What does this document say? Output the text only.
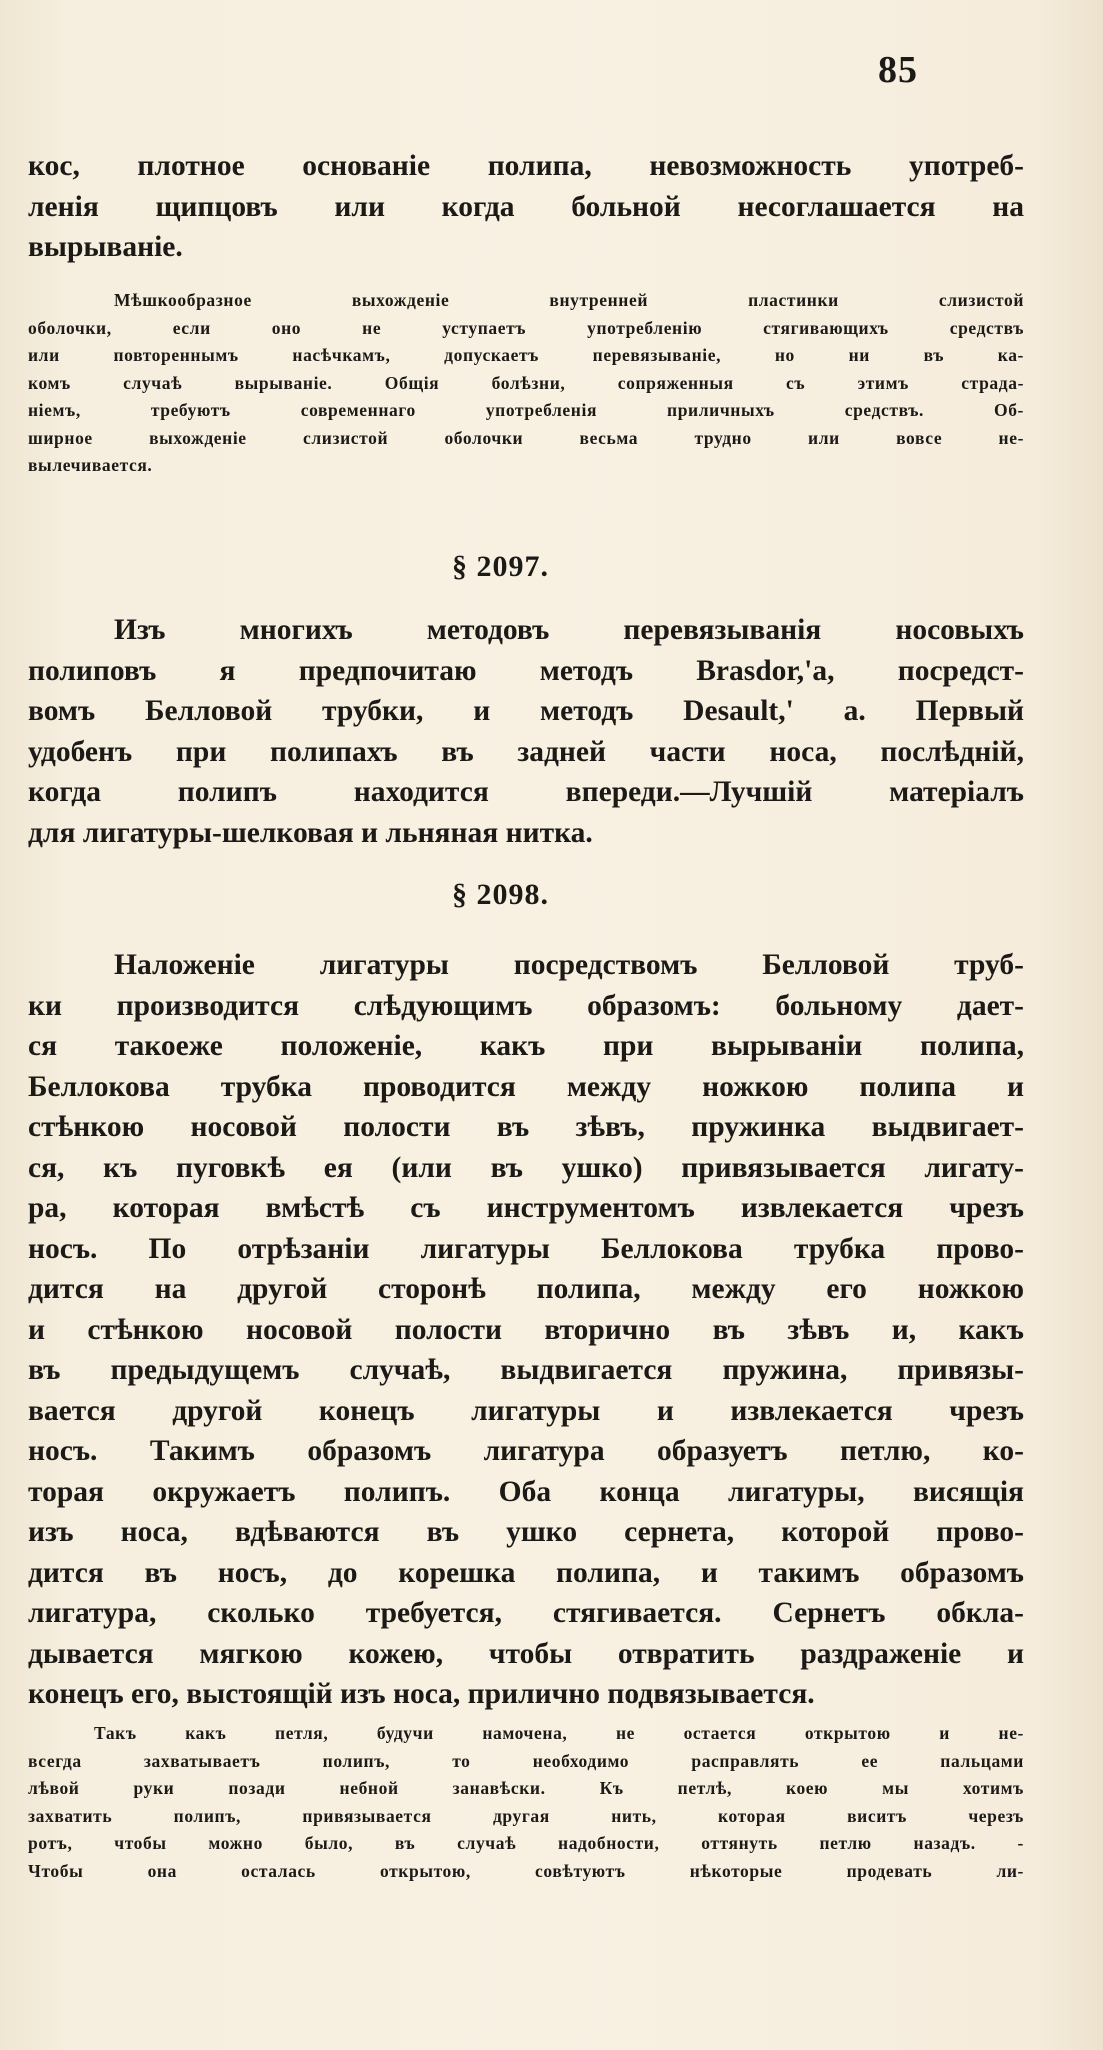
85
кос, плотное основаніе полипа, невозможность употреб-
ленія щипцовъ или когда больной несоглашается на
вырываніе.
Мѣшкообразное выхожденіе внутренней пластинки слизистой
оболочки, если оно не уступаетъ употребленію стягивающихъ средствъ
или повтореннымъ насѣчкамъ, допускаетъ перевязываніе, но ни въ ка-
комъ случаѣ вырываніе. Общія болѣзни, сопряженныя съ этимъ страда-
ніемъ, требуютъ современнаго употребленія приличныхъ средствъ. Об-
ширное выхожденіе слизистой оболочки весьма трудно или вовсе не-
вылечивается.
§ 2097.
Изъ многихъ методовъ перевязыванія носовыхъ
полиповъ я предпочитаю методъ Brasdor,'а, посредст-
вомъ Белловой трубки, и методъ Desault,' а. Первый
удобенъ при полипахъ въ задней части носа, послѣдній,
когда полипъ находится впереди.—Лучшій матеріалъ
для лигатуры-шелковая и льняная нитка.
§ 2098.
Наложеніе лигатуры посредствомъ Белловой труб-
ки производится слѣдующимъ образомъ: больному дает-
ся такоеже положеніе, какъ при вырываніи полипа,
Беллокова трубка проводится между ножкою полипа и
стѣнкою носовой полости въ зѣвъ, пружинка выдвигает-
ся, къ пуговкѣ ея (или въ ушко) привязывается лигату-
ра, которая вмѣстѣ съ инструментомъ извлекается чрезъ
носъ. По отрѣзаніи лигатуры Беллокова трубка прово-
дится на другой сторонѣ полипа, между его ножкою
и стѣнкою носовой полости вторично въ зѣвъ и, какъ
въ предыдущемъ случаѣ, выдвигается пружина, привязы-
вается другой конецъ лигатуры и извлекается чрезъ
носъ. Такимъ образомъ лигатура образуетъ петлю, ко-
торая окружаетъ полипъ. Оба конца лигатуры, висящія
изъ носа, вдѣваются въ ушко сернета, которой прово-
дится въ носъ, до корешка полипа, и такимъ образомъ
лигатура, сколько требуется, стягивается. Сернетъ обкла-
дывается мягкою кожею, чтобы отвратить раздраженіе и
конецъ его, выстоящій изъ носа, прилично подвязывается.
Такъ какъ петля, будучи намочена, не остается открытою и не-
всегда захватываетъ полипъ, то необходимо расправлять ее пальцами
лѣвой руки позади небной занавѣски. Къ петлѣ, коею мы хотимъ
захватить полипъ, привязывается другая нить, которая виситъ черезъ
ротъ, чтобы можно было, въ случаѣ надобности, оттянуть петлю назадъ. -
Чтобы она осталась открытою, совѣтуютъ нѣкоторые продевать ли-
